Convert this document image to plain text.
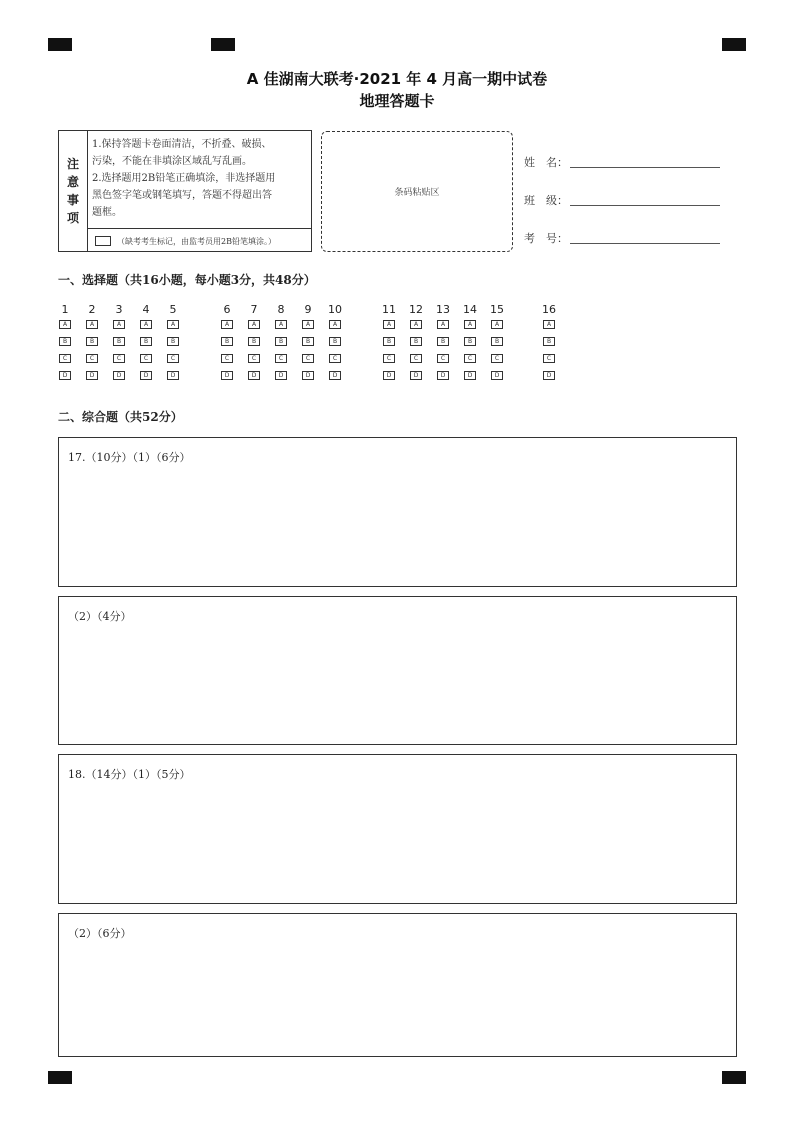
A 佳湖南大联考·2021 年 4 月高一期中试卷
地理答题卡
注
意
事
项
1.保持答题卡卷面清洁，不折叠、破损、
污染，不能在非填涂区域乱写乱画。
2.选择题用2B铅笔正确填涂，非选择题用
黑色签字笔或钢笔填写，答题不得超出答
题框。
（缺考考生标记，由监考员用2B铅笔填涂。）
条码粘贴区
姓　名：
班　级：
考　号：
一、选择题（共16小题，每小题3分，共48分）
1
A
B
C
D
2
A
B
C
D
3
A
B
C
D
4
A
B
C
D
5
A
B
C
D
6
A
B
C
D
7
A
B
C
D
8
A
B
C
D
9
A
B
C
D
10
A
B
C
D
11
A
B
C
D
12
A
B
C
D
13
A
B
C
D
14
A
B
C
D
15
A
B
C
D
16
A
B
C
D
二、综合题（共52分）
17.（10分）（1）（6分）
（2）（4分）
18.（14分）（1）（5分）
（2）（6分）
